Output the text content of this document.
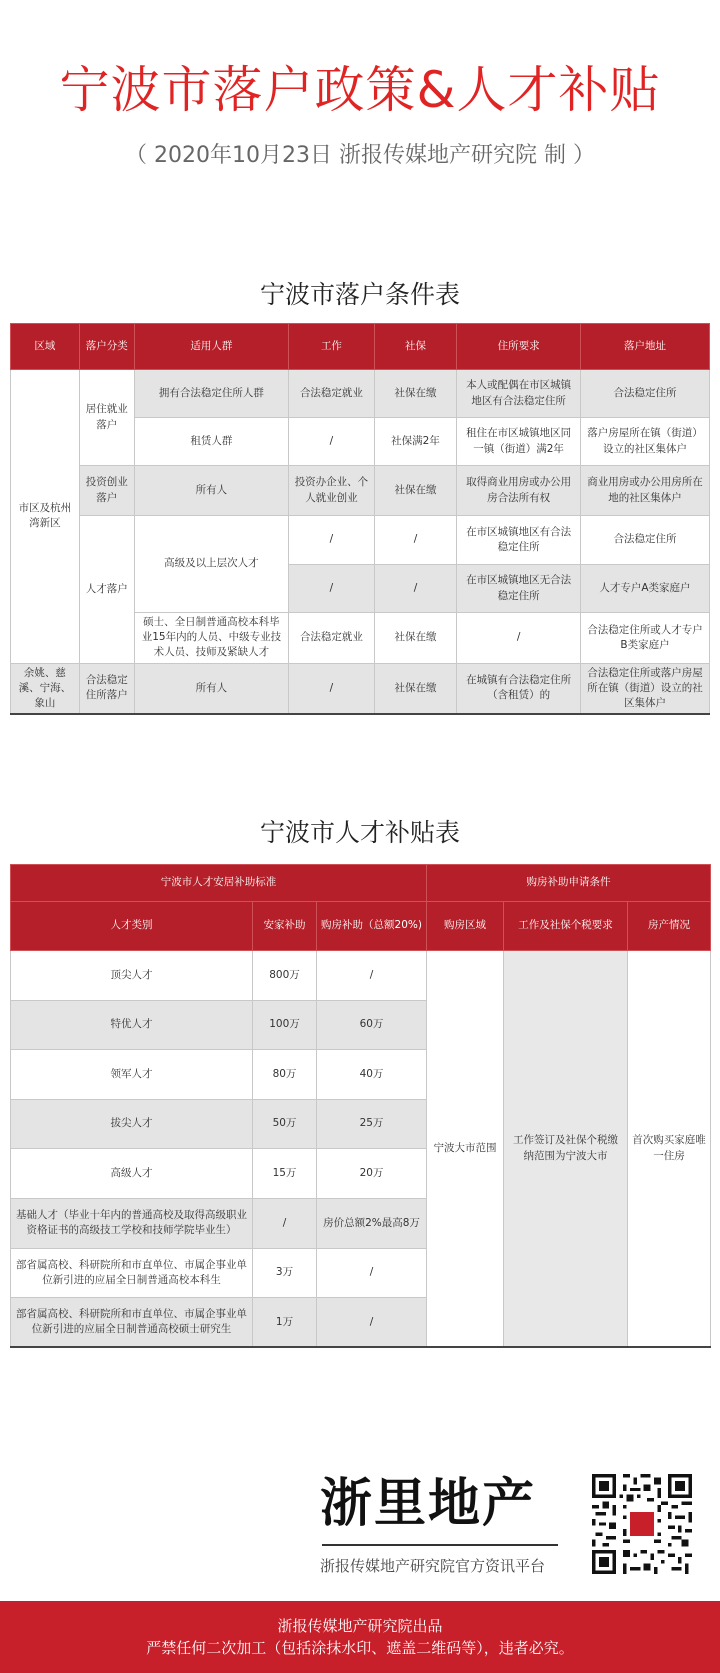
宁波市落户政策&人才补贴
（ 2020年10月23日 浙报传媒地产研究院 制 ）
宁波市落户条件表
区域	落户分类	适用人群	工作	社保	住所要求	落户地址
市区及杭州湾新区	居住就业落户	拥有合法稳定住所人群	合法稳定就业	社保在缴	本人或配偶在市区城镇地区有合法稳定住所	合法稳定住所
		租赁人群	/	社保满2年	租住在市区城镇地区同一镇（街道）满2年	落户房屋所在镇（街道）设立的社区集体户
	投资创业落户	所有人	投资办企业、个人就业创业	社保在缴	取得商业用房或办公用房合法所有权	商业用房或办公用房所在地的社区集体户
	人才落户	高级及以上层次人才	/	/	在市区城镇地区有合法稳定住所	合法稳定住所
			/	/	在市区城镇地区无合法稳定住所	人才专户A类家庭户
		硕士、全日制普通高校本科毕业15年内的人员、中级专业技术人员、技师及紧缺人才	合法稳定就业	社保在缴	/	合法稳定住所或人才专户B类家庭户
余姚、慈溪、宁海、象山	合法稳定住所落户	所有人	/	社保在缴	在城镇有合法稳定住所（含租赁）的	合法稳定住所或落户房屋所在镇（街道）设立的社区集体户
宁波市人才补贴表
宁波市人才安居补助标准			购房补助申请条件		
人才类别	安家补助	购房补助（总额20%)	购房区域	工作及社保个税要求	房产情况
顶尖人才	800万	/	宁波大市范围	工作签订及社保个税缴纳范围为宁波大市	首次购买家庭唯一住房
特优人才	100万	60万			
领军人才	80万	40万			
拔尖人才	50万	25万			
高级人才	15万	20万			
基础人才（毕业十年内的普通高校及取得高级职业资格证书的高级技工学校和技师学院毕业生）	/	房价总额2%最高8万			
部省属高校、科研院所和市直单位、市属企事业单位新引进的应届全日制普通高校本科生	3万	/			
部省属高校、科研院所和市直单位、市属企事业单位新引进的应届全日制普通高校硕士研究生	1万	/			
浙里地产
浙报传媒地产研究院官方资讯平台
浙报传媒地产研究院出品
严禁任何二次加工（包括涂抹水印、遮盖二维码等），违者必究。
